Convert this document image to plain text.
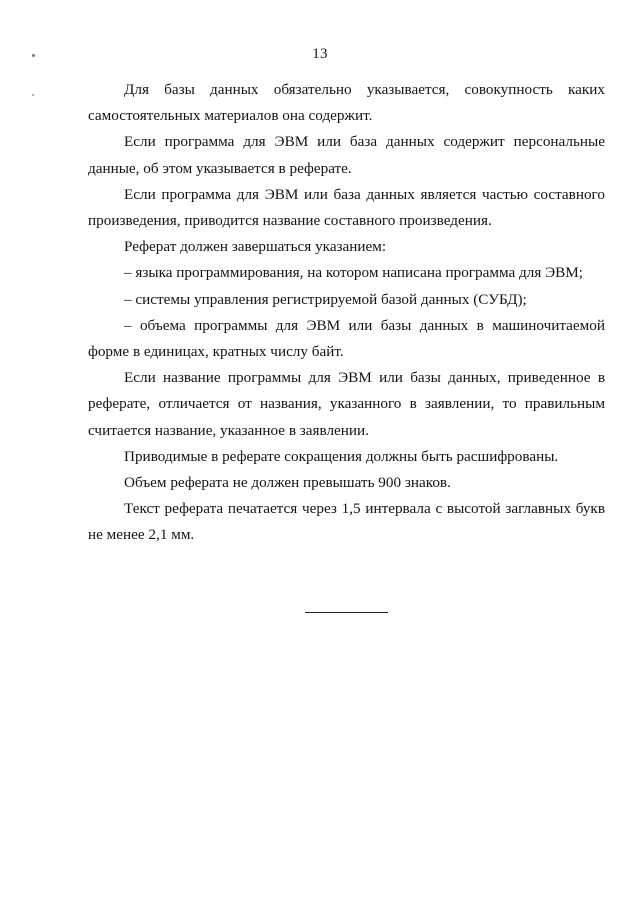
13

Для базы данных обязательно указывается, совокупность каких самостоятельных материалов она содержит.

Если программа для ЭВМ или база данных содержит персональные данные, об этом указывается в реферате.

Если программа для ЭВМ или база данных является частью составного произведения, приводится название составного произведения.

Реферат должен завершаться указанием:

– языка программирования, на котором написана программа для ЭВМ;

– системы управления регистрируемой базой данных (СУБД);

– объема программы для ЭВМ или базы данных в машиночитаемой форме в единицах, кратных числу байт.

Если название программы для ЭВМ или базы данных, приведенное в реферате, отличается от названия, указанного в заявлении, то правильным считается название, указанное в заявлении.

Приводимые в реферате сокращения должны быть расшифрованы.

Объем реферата не должен превышать 900 знаков.

Текст реферата печатается через 1,5 интервала с высотой заглавных букв не менее 2,1 мм.
